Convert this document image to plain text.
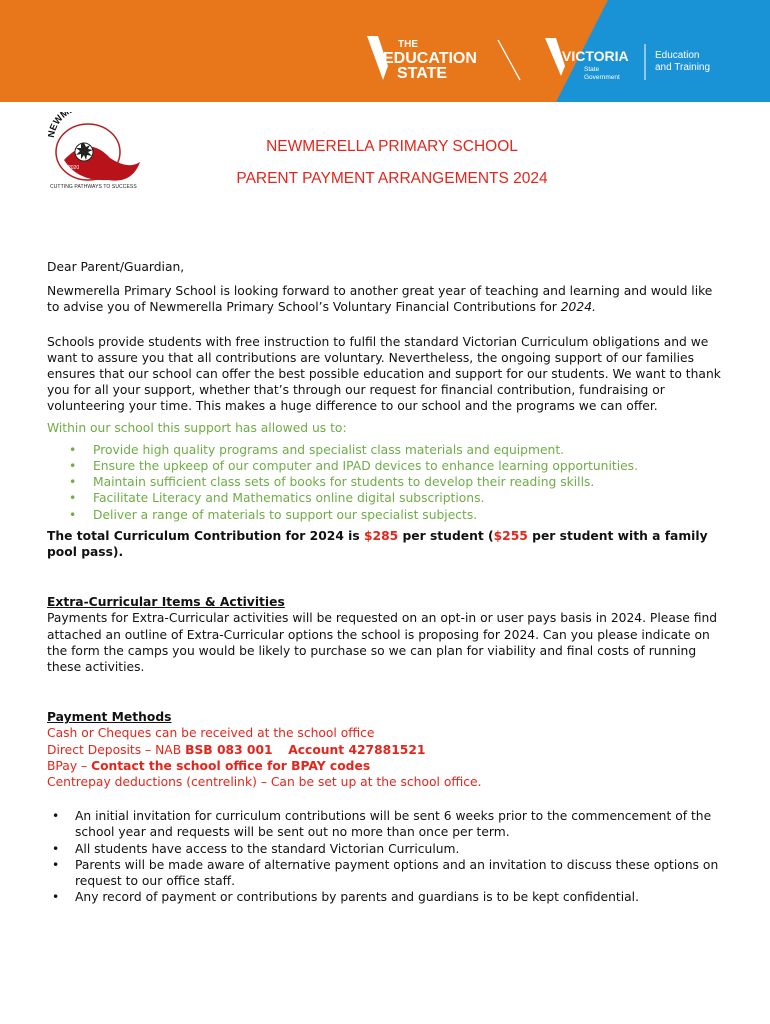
THE
EDUCATION
STATE
VICTORIA
State
Government
Education
and Training
EWM
2020
CUTTING PATHWAYS TO SUCCESS
NEWMERELLA PRIMARY SCHOOL
PARENT PAYMENT ARRANGEMENTS 2024

Dear Parent/Guardian,

Newmerella Primary School is looking forward to another great year of teaching and learning and would like to advise you of Newmerella Primary School’s Voluntary Financial Contributions for 2024.

Schools provide students with free instruction to fulfil the standard Victorian Curriculum obligations and we want to assure you that all contributions are voluntary. Nevertheless, the ongoing support of our families ensures that our school can offer the best possible education and support for our students. We want to thank you for all your support, whether that’s through our request for financial contribution, fundraising or volunteering your time. This makes a huge difference to our school and the programs we can offer.

Within our school this support has allowed us to:

• Provide high quality programs and specialist class materials and equipment.
• Ensure the upkeep of our computer and IPAD devices to enhance learning opportunities.
• Maintain sufficient class sets of books for students to develop their reading skills.
• Facilitate Literacy and Mathematics online digital subscriptions.
• Deliver a range of materials to support our specialist subjects.

The total Curriculum Contribution for 2024 is $285 per student ($255 per student with a family pool pass).

Extra-Curricular Items & Activities

Payments for Extra-Curricular activities will be requested on an opt-in or user pays basis in 2024. Please find attached an outline of Extra-Curricular options the school is proposing for 2024. Can you please indicate on the form the camps you would be likely to purchase so we can plan for viability and final costs of running these activities.

Payment Methods

Cash or Cheques can be received at the school office

Direct Deposits – NAB BSB 083 001 Account 427881521

BPay – Contact the school office for BPAY codes

Centrepay deductions (centrelink) – Can be set up at the school office.

• An initial invitation for curriculum contributions will be sent 6 weeks prior to the commencement of the school year and requests will be sent out no more than once per term.
• All students have access to the standard Victorian Curriculum.
• Parents will be made aware of alternative payment options and an invitation to discuss these options on request to our office staff.
• Any record of payment or contributions by parents and guardians is to be kept confidential.
